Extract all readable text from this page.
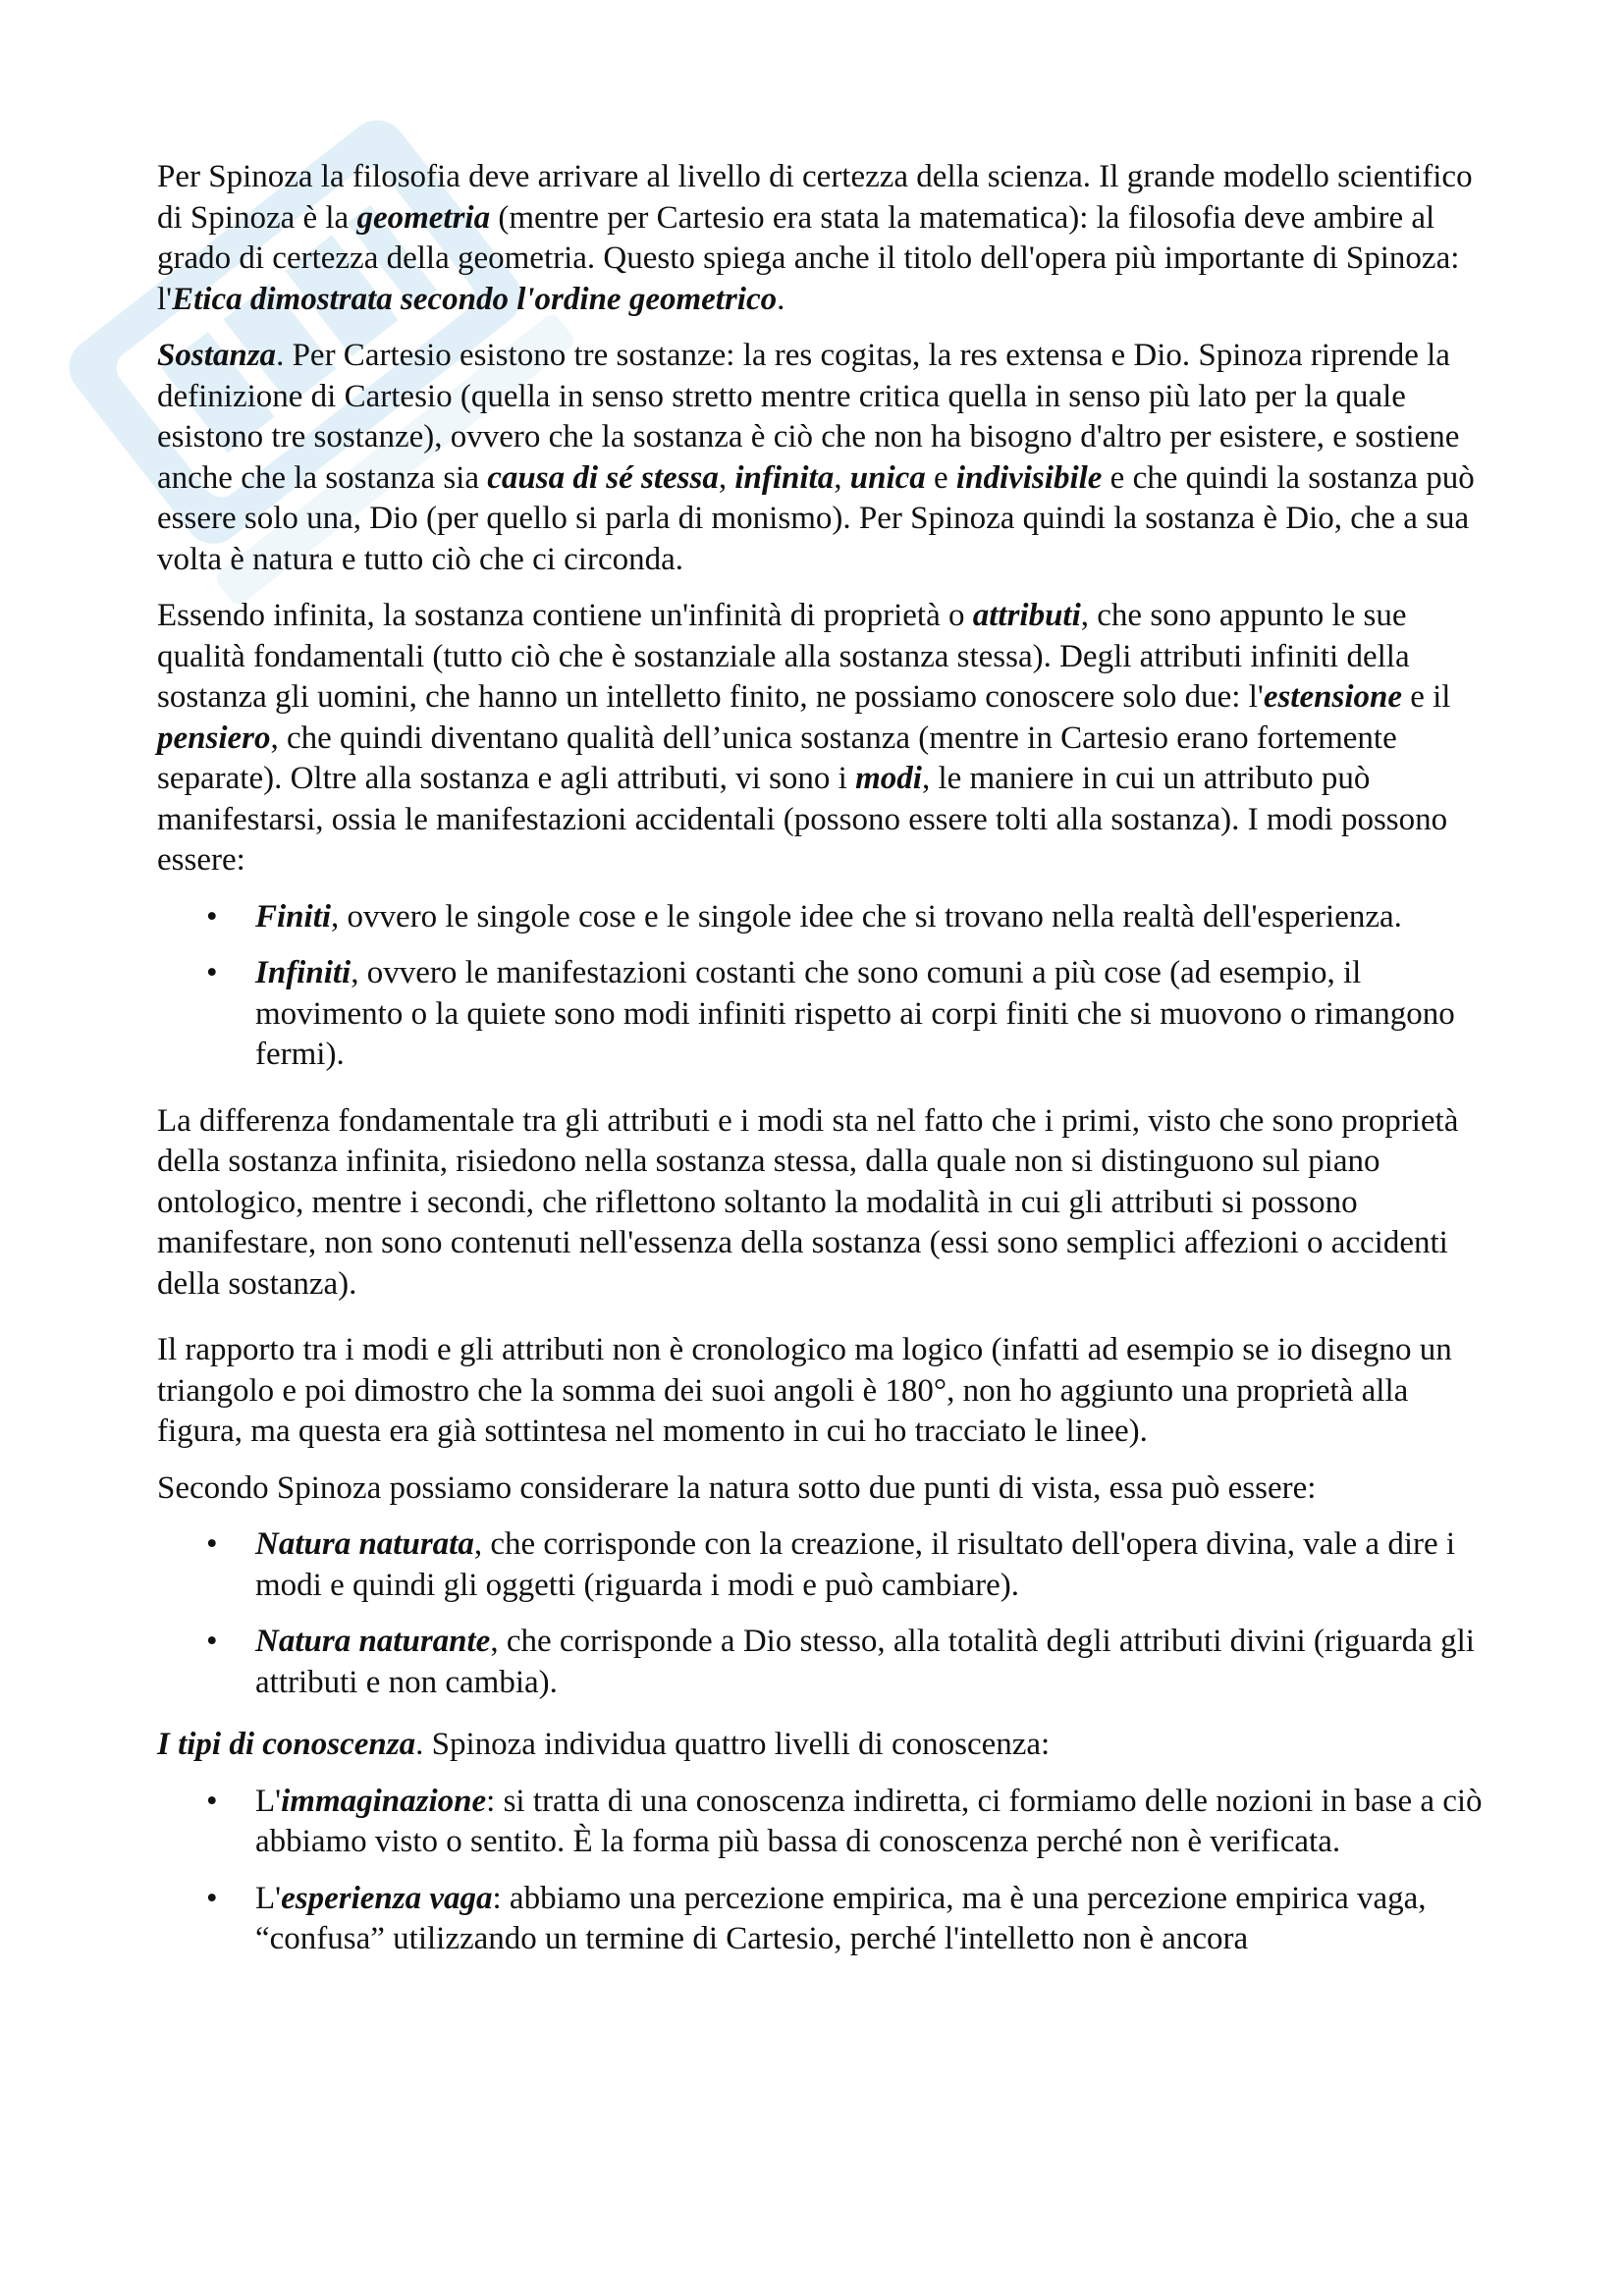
Per Spinoza la filosofia deve arrivare al livello di certezza della scienza. Il grande modello scientifico di Spinoza è la geometria (mentre per Cartesio era stata la matematica): la filosofia deve ambire al grado di certezza della geometria. Questo spiega anche il titolo dell'opera più importante di Spinoza: l'Etica dimostrata secondo l'ordine geometrico.

Sostanza. Per Cartesio esistono tre sostanze: la res cogitas, la res extensa e Dio. Spinoza riprende la definizione di Cartesio (quella in senso stretto mentre critica quella in senso più lato per la quale esistono tre sostanze), ovvero che la sostanza è ciò che non ha bisogno d'altro per esistere, e sostiene anche che la sostanza sia causa di sé stessa, infinita, unica e indivisibile e che quindi la sostanza può essere solo una, Dio (per quello si parla di monismo). Per Spinoza quindi la sostanza è Dio, che a sua volta è natura e tutto ciò che ci circonda.

Essendo infinita, la sostanza contiene un'infinità di proprietà o attributi, che sono appunto le sue qualità fondamentali (tutto ciò che è sostanziale alla sostanza stessa). Degli attributi infiniti della sostanza gli uomini, che hanno un intelletto finito, ne possiamo conoscere solo due: l'estensione e il pensiero, che quindi diventano qualità dell’unica sostanza (mentre in Cartesio erano fortemente separate). Oltre alla sostanza e agli attributi, vi sono i modi, le maniere in cui un attributo può manifestarsi, ossia le manifestazioni accidentali (possono essere tolti alla sostanza). I modi possono essere:

• Finiti, ovvero le singole cose e le singole idee che si trovano nella realtà dell'esperienza.
• Infiniti, ovvero le manifestazioni costanti che sono comuni a più cose (ad esempio, il movimento o la quiete sono modi infiniti rispetto ai corpi finiti che si muovono o rimangono fermi).

La differenza fondamentale tra gli attributi e i modi sta nel fatto che i primi, visto che sono proprietà della sostanza infinita, risiedono nella sostanza stessa, dalla quale non si distinguono sul piano ontologico, mentre i secondi, che riflettono soltanto la modalità in cui gli attributi si possono manifestare, non sono contenuti nell'essenza della sostanza (essi sono semplici affezioni o accidenti della sostanza).

Il rapporto tra i modi e gli attributi non è cronologico ma logico (infatti ad esempio se io disegno un triangolo e poi dimostro che la somma dei suoi angoli è 180°, non ho aggiunto una proprietà alla figura, ma questa era già sottintesa nel momento in cui ho tracciato le linee).

Secondo Spinoza possiamo considerare la natura sotto due punti di vista, essa può essere:

• Natura naturata, che corrisponde con la creazione, il risultato dell'opera divina, vale a dire i modi e quindi gli oggetti (riguarda i modi e può cambiare).
• Natura naturante, che corrisponde a Dio stesso, alla totalità degli attributi divini (riguarda gli attributi e non cambia).

I tipi di conoscenza. Spinoza individua quattro livelli di conoscenza:

• L'immaginazione: si tratta di una conoscenza indiretta, ci formiamo delle nozioni in base a ciò abbiamo visto o sentito. È la forma più bassa di conoscenza perché non è verificata.
• L'esperienza vaga: abbiamo una percezione empirica, ma è una percezione empirica vaga, “confusa” utilizzando un termine di Cartesio, perché l'intelletto non è ancora
